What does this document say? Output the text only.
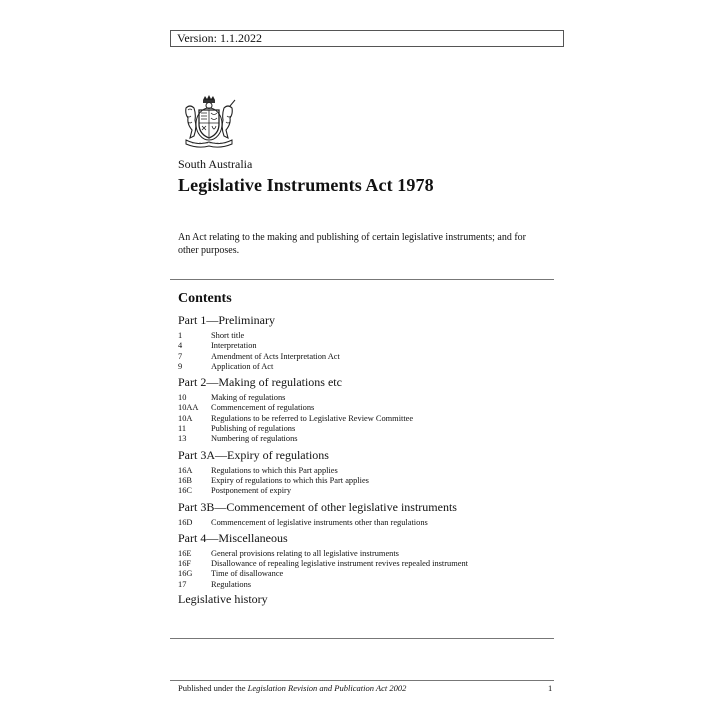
Version: 1.1.2022
South Australia
Legislative Instruments Act 1978
An Act relating to the making and publishing of certain legislative instruments; and for other purposes.
Contents
Part 1—Preliminary
1	Short title
4	Interpretation
7	Amendment of Acts Interpretation Act
9	Application of Act
Part 2—Making of regulations etc
10	Making of regulations
10AA	Commencement of regulations
10A	Regulations to be referred to Legislative Review Committee
11	Publishing of regulations
13	Numbering of regulations
Part 3A—Expiry of regulations
16A	Regulations to which this Part applies
16B	Expiry of regulations to which this Part applies
16C	Postponement of expiry
Part 3B—Commencement of other legislative instruments
16D	Commencement of legislative instruments other than regulations
Part 4—Miscellaneous
16E	General provisions relating to all legislative instruments
16F	Disallowance of repealing legislative instrument revives repealed instrument
16G	Time of disallowance
17	Regulations
Legislative history
Published under the Legislation Revision and Publication Act 2002	1
